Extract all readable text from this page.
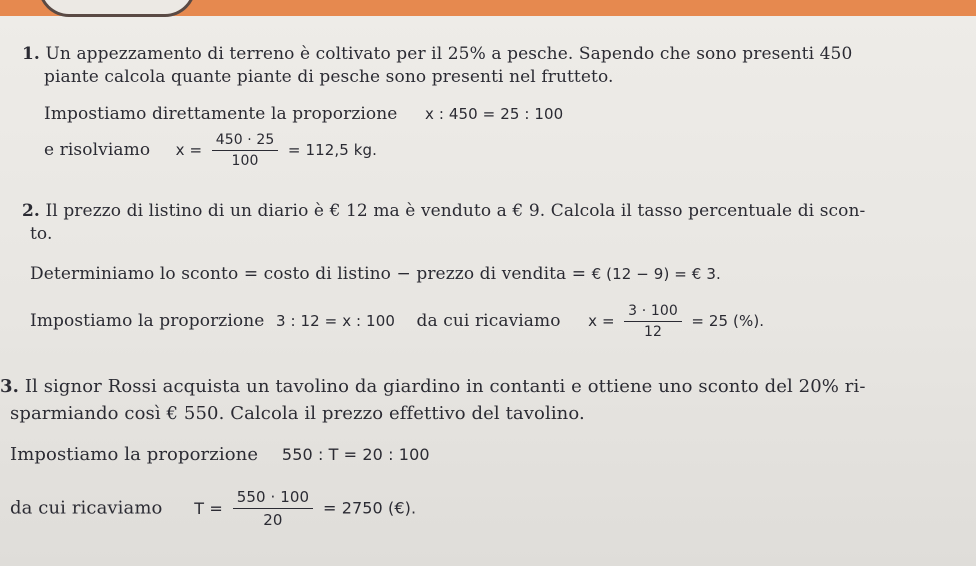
1. Un appezzamento di terreno è coltivato per il 25% a pesche. Sapendo che sono presenti 450
piante calcola quante piante di pesche sono presenti nel frutteto.
Impostiamo direttamente la proporzione x : 450 = 25 : 100
e risolviamo $x = \frac{450 \cdot 25}{100} = 112,5$ kg.
2. Il prezzo di listino di un diario è € 12 ma è venduto a € 9. Calcola il tasso percentuale di scon-
to.
Determiniamo lo sconto = costo di listino − prezzo di vendita = € (12 − 9) = € 3.
Impostiamo la proporzione 3 : 12 = x : 100 da cui ricaviamo $x = \frac{3 \cdot 100}{12} = 25$ (%).
3. Il signor Rossi acquista un tavolino da giardino in contanti e ottiene uno sconto del 20% ri-
sparmiando così € 550. Calcola il prezzo effettivo del tavolino.
Impostiamo la proporzione 550 : T = 20 : 100
da cui ricaviamo $T = \frac{550 \cdot 100}{20} = 2750$ (€).
